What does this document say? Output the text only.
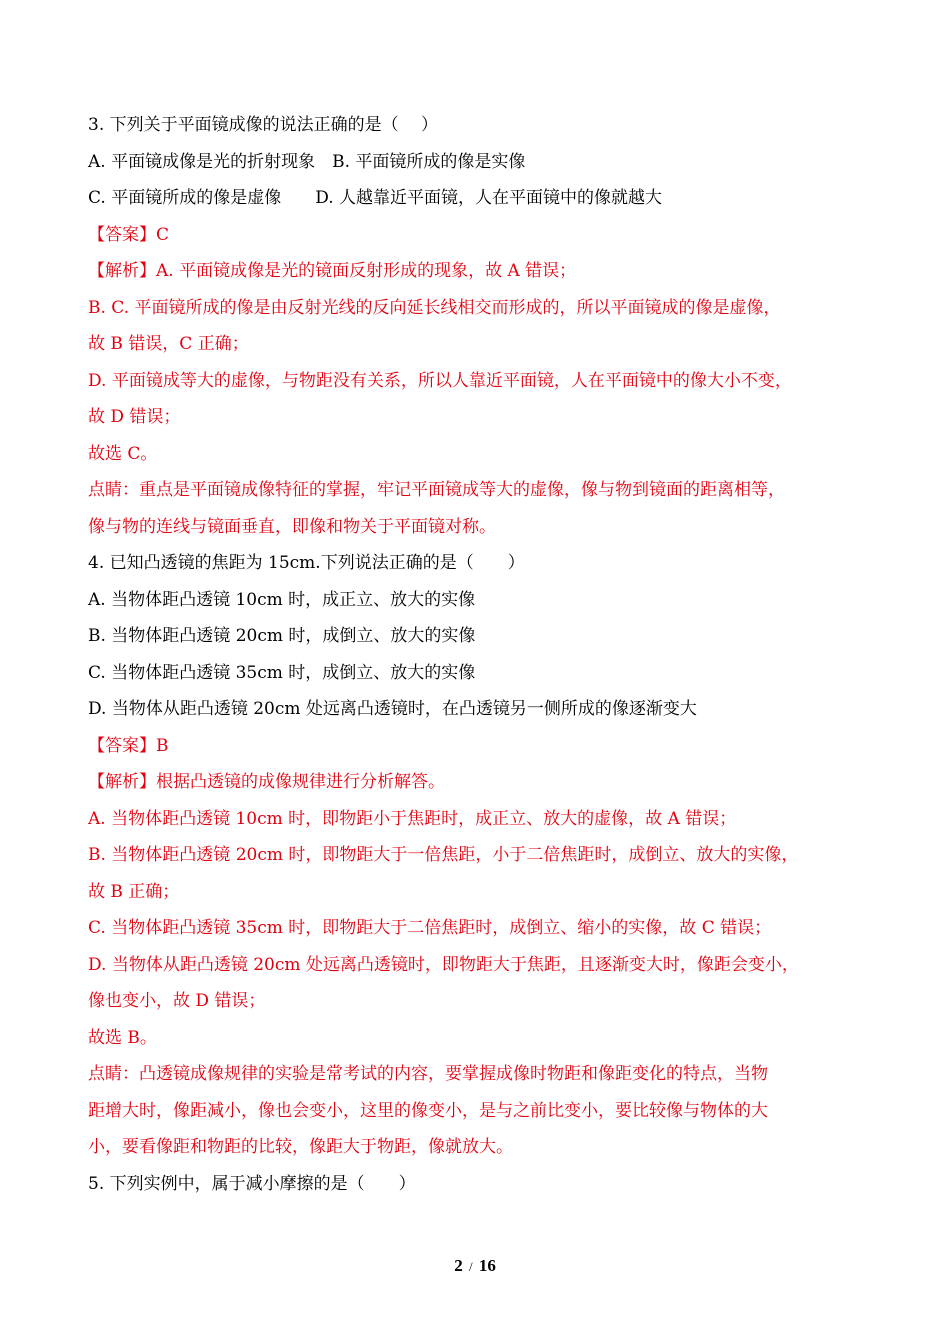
3. 下列关于平面镜成像的说法正确的是（　 ）

A. 平面镜成像是光的折射现象　B. 平面镜所成的像是实像

C. 平面镜所成的像是虚像　　D. 人越靠近平面镜，人在平面镜中的像就越大

【答案】C

【解析】A. 平面镜成像是光的镜面反射形成的现象，故 A 错误；

B. C. 平面镜所成的像是由反射光线的反向延长线相交而形成的，所以平面镜成的像是虚像，

故 B 错误，C 正确；

D. 平面镜成等大的虚像，与物距没有关系，所以人靠近平面镜，人在平面镜中的像大小不变，

故 D 错误；

故选 C。

点睛：重点是平面镜成像特征的掌握，牢记平面镜成等大的虚像，像与物到镜面的距离相等，

像与物的连线与镜面垂直，即像和物关于平面镜对称。

4. 已知凸透镜的焦距为 15cm.下列说法正确的是（　　）

A. 当物体距凸透镜 10cm 时，成正立、放大的实像

B. 当物体距凸透镜 20cm 时，成倒立、放大的实像

C. 当物体距凸透镜 35cm 时，成倒立、放大的实像

D. 当物体从距凸透镜 20cm 处远离凸透镜时，在凸透镜另一侧所成的像逐渐变大

【答案】B

【解析】根据凸透镜的成像规律进行分析解答。

A. 当物体距凸透镜 10cm 时，即物距小于焦距时，成正立、放大的虚像，故 A 错误；

B. 当物体距凸透镜 20cm 时，即物距大于一倍焦距，小于二倍焦距时，成倒立、放大的实像，

故 B 正确；

C. 当物体距凸透镜 35cm 时，即物距大于二倍焦距时，成倒立、缩小的实像，故 C 错误；

D. 当物体从距凸透镜 20cm 处远离凸透镜时，即物距大于焦距，且逐渐变大时，像距会变小，

像也变小，故 D 错误；

故选 B。

点睛：凸透镜成像规律的实验是常考试的内容，要掌握成像时物距和像距变化的特点，当物

距增大时，像距减小，像也会变小，这里的像变小，是与之前比变小，要比较像与物体的大

小，要看像距和物距的比较，像距大于物距，像就放大。

5. 下列实例中，属于减小摩擦的是（　　）

2 / 16
